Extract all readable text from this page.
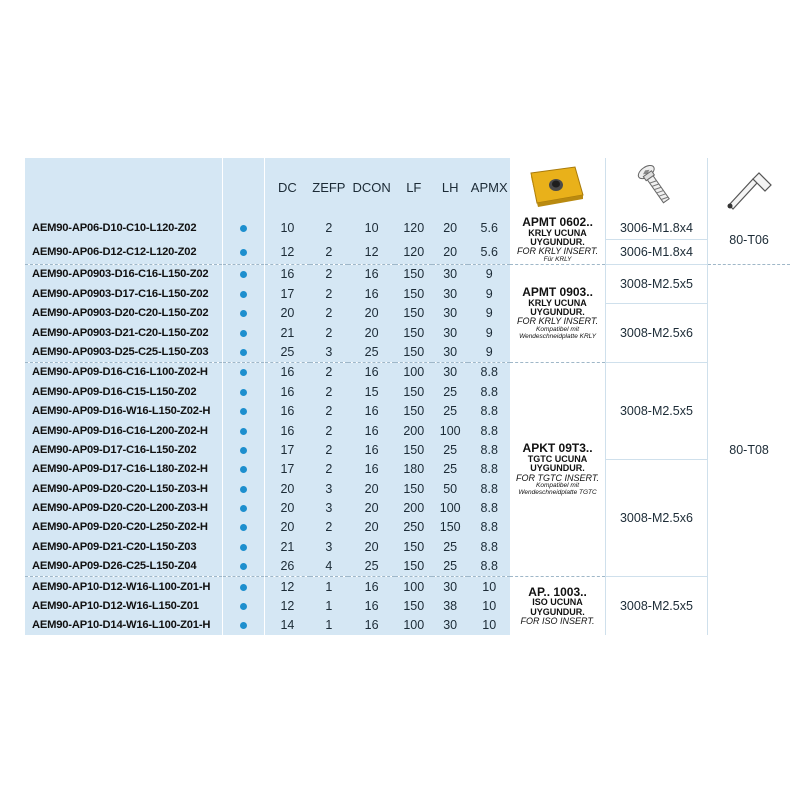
		DC	ZEFP	DCON	LF	LH	APMX			
AEM90-AP06-D10-C10-L120-Z02		10	2	10	120	20	5.6	APMT 0602..
KRLY UCUNA UYGUNDUR.
FOR KRLY INSERT.
Für KRLY	3006-M1.8x4	80-T06
AEM90-AP06-D12-C12-L120-Z02		12	2	12	120	20	5.6		3006-M1.8x4	
AEM90-AP0903-D16-C16-L150-Z02		16	2	16	150	30	9	APMT 0903..
KRLY UCUNA UYGUNDUR.
FOR KRLY INSERT.
Kompatibel mit Wendeschneidplatte KRLY	3008-M2.5x5	80-T08
AEM90-AP0903-D17-C16-L150-Z02		17	2	16	150	30	9			
AEM90-AP0903-D20-C20-L150-Z02		20	2	20	150	30	9		3008-M2.5x6	
AEM90-AP0903-D21-C20-L150-Z02		21	2	20	150	30	9			
AEM90-AP0903-D25-C25-L150-Z03		25	3	25	150	30	9			
AEM90-AP09-D16-C16-L100-Z02-H		16	2	16	100	30	8.8	APKT 09T3..
TGTC UCUNA UYGUNDUR.
FOR TGTC INSERT.
Kompatibel mit Wendeschneidplatte TGTC	3008-M2.5x5	
AEM90-AP09-D16-C15-L150-Z02		16	2	15	150	25	8.8			
AEM90-AP09-D16-W16-L150-Z02-H		16	2	16	150	25	8.8			
AEM90-AP09-D16-C16-L200-Z02-H		16	2	16	200	100	8.8			
AEM90-AP09-D17-C16-L150-Z02		17	2	16	150	25	8.8			
AEM90-AP09-D17-C16-L180-Z02-H		17	2	16	180	25	8.8		3008-M2.5x6	
AEM90-AP09-D20-C20-L150-Z03-H		20	3	20	150	50	8.8			
AEM90-AP09-D20-C20-L200-Z03-H		20	3	20	200	100	8.8			
AEM90-AP09-D20-C20-L250-Z02-H		20	2	20	250	150	8.8			
AEM90-AP09-D21-C20-L150-Z03		21	3	20	150	25	8.8			
AEM90-AP09-D26-C25-L150-Z04		26	4	25	150	25	8.8			
AEM90-AP10-D12-W16-L100-Z01-H		12	1	16	100	30	10	AP.. 1003..
ISO UCUNA UYGUNDUR.
FOR ISO INSERT.	3008-M2.5x5	
AEM90-AP10-D12-W16-L150-Z01		12	1	16	150	38	10			
AEM90-AP10-D14-W16-L100-Z01-H		14	1	16	100	30	10			
